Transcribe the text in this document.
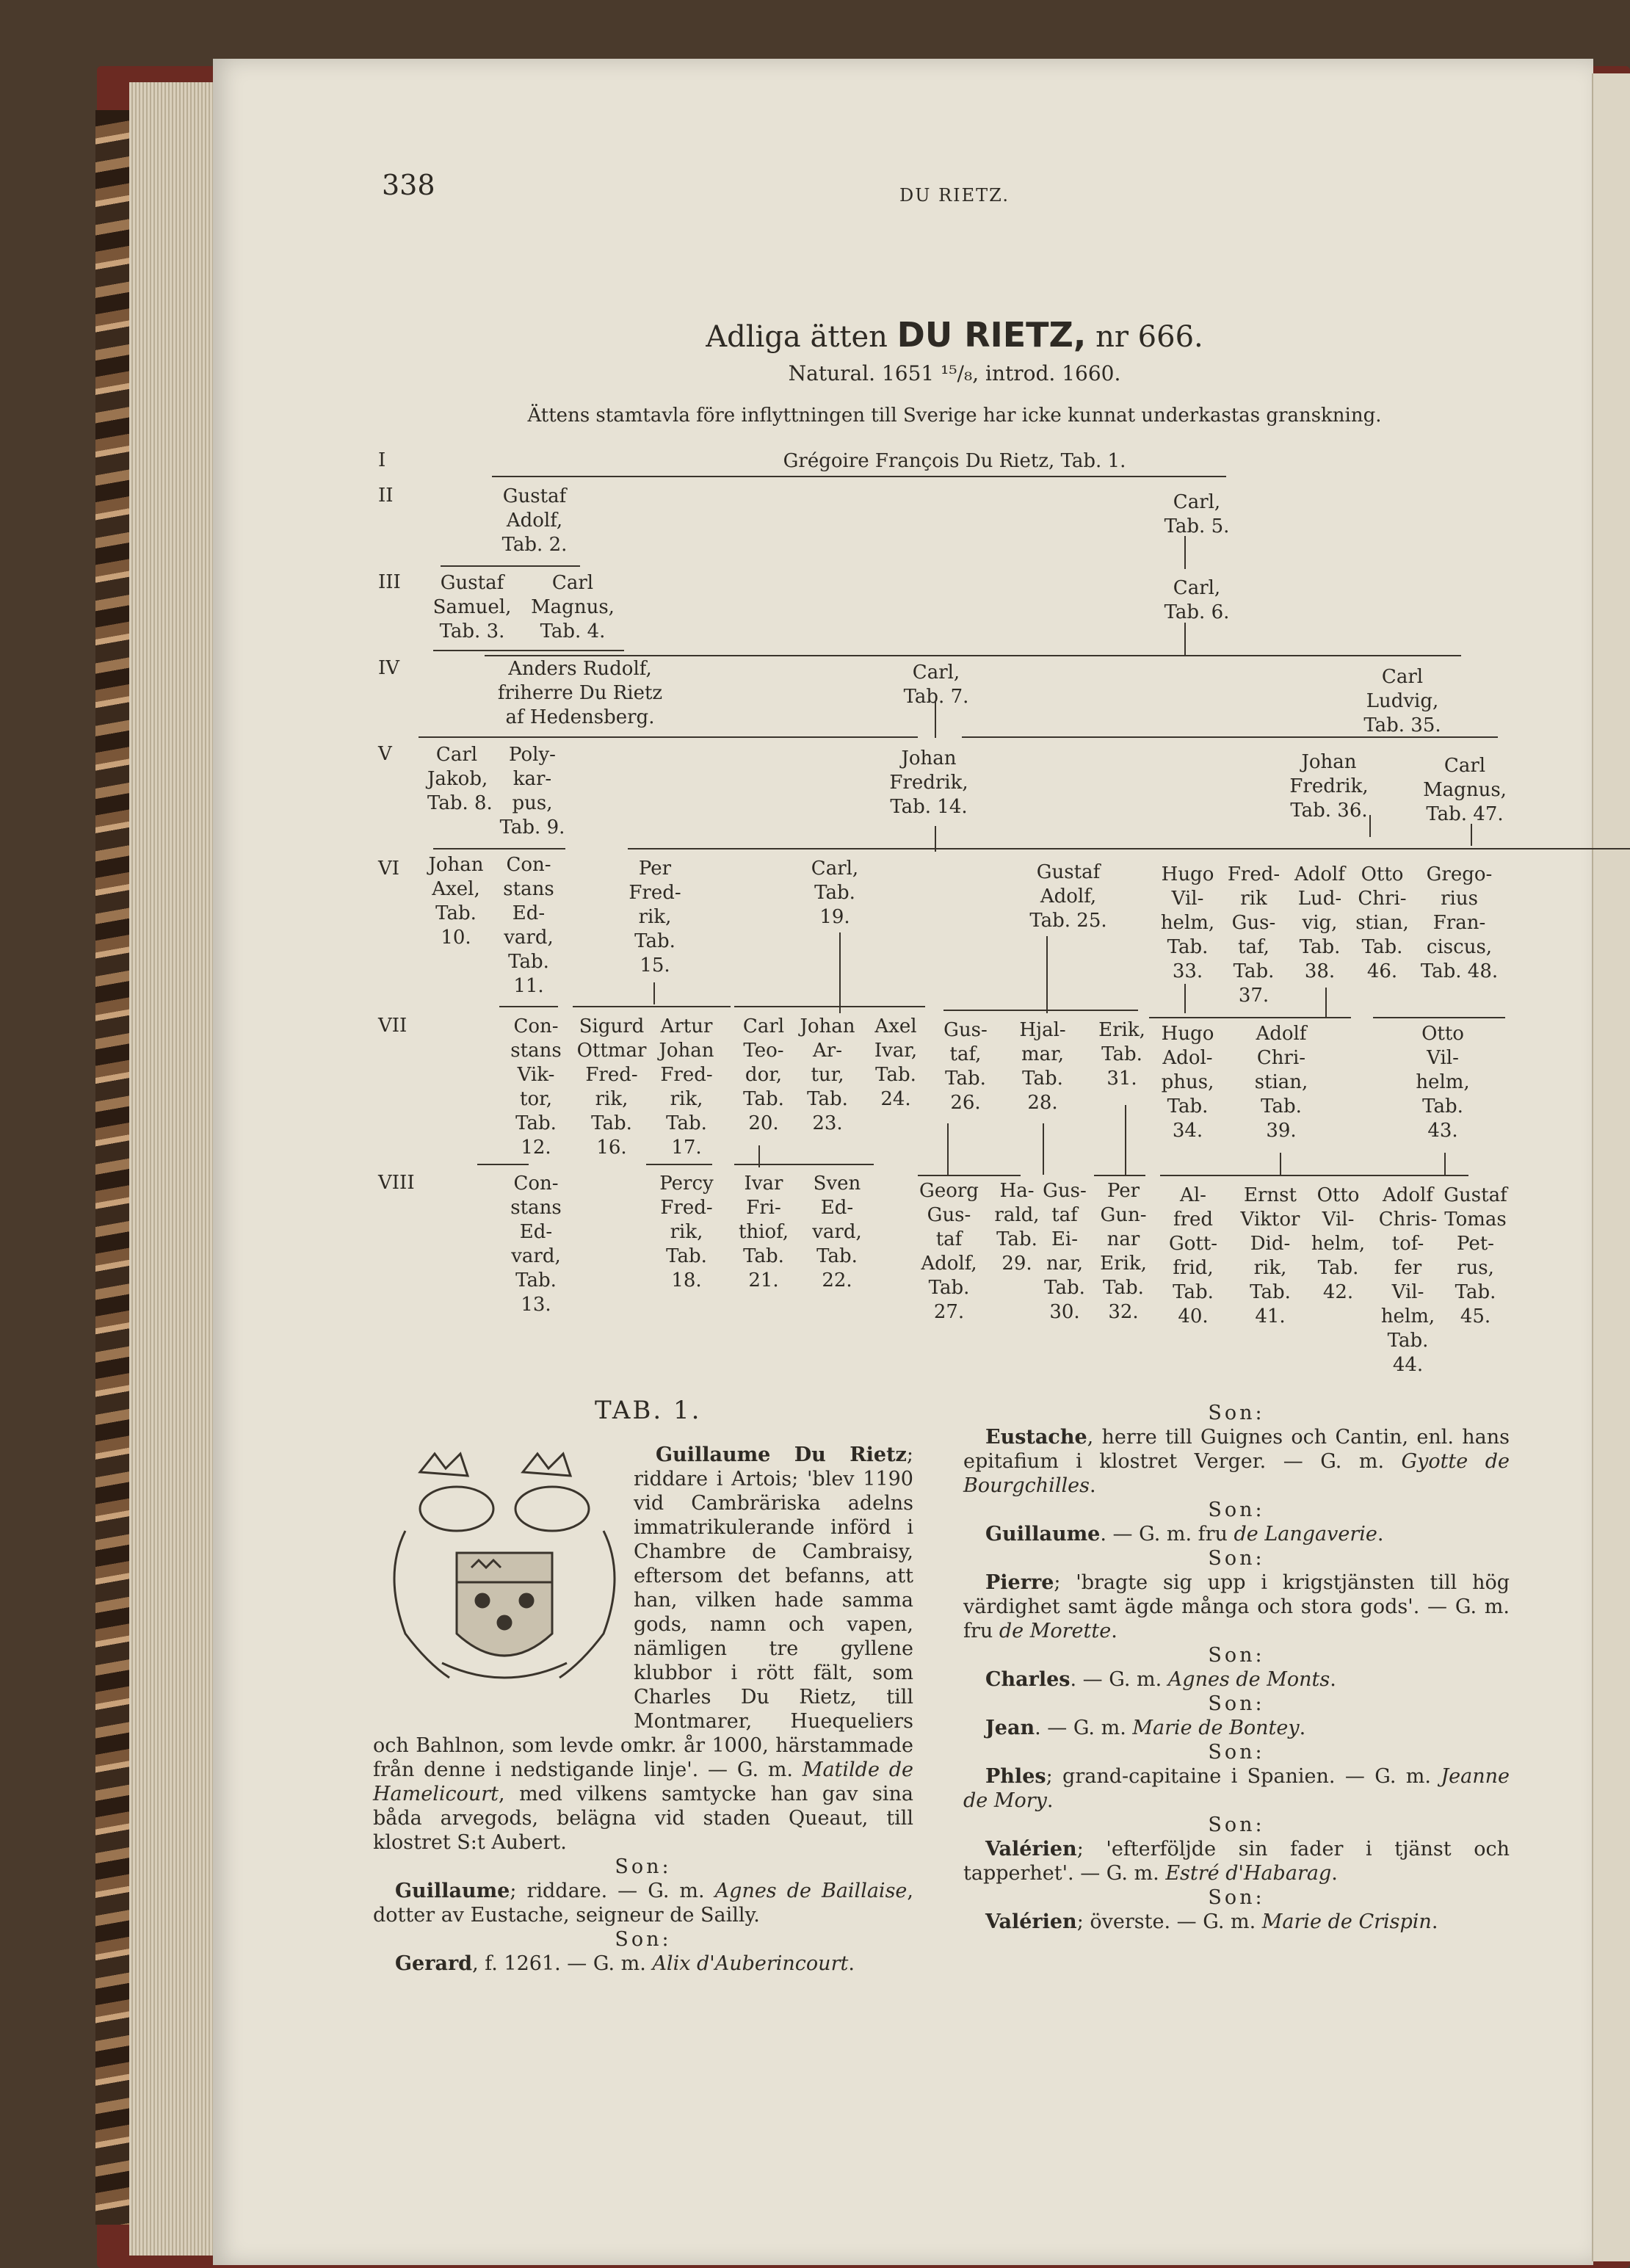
338	DU RIETZ.
Adliga ätten DU RIETZ, nr 666.
Natural. 1651 ¹⁵/₈, introd. 1660.
Ättens stamtavla före inflyttningen till Sverige har icke kunnat underkastas granskning.
I
II
III
IV
V
VI
VII
VIII
Grégoire François Du Rietz, Tab. 1.
Gustaf
Adolf,
Tab. 2.
Carl,
Tab. 5.
Gustaf
Samuel,
Tab. 3.
Carl
Magnus,
Tab. 4.
Carl,
Tab. 6.
Anders Rudolf,
friherre Du Rietz
af Hedensberg.
Carl,
Tab. 7.
Carl
Ludvig,
Tab. 35.
Carl
Jakob,
Tab. 8.
Poly-
kar-
pus,
Tab. 9.
Johan
Fredrik,
Tab. 14.
Johan
Fredrik,
Tab. 36.
Carl
Magnus,
Tab. 47.
Johan
Axel,
Tab.
10.
Con-
stans
Ed-
vard,
Tab.
11.
Per
Fred-
rik,
Tab.
15.
Carl,
Tab.
19.
Gustaf
Adolf,
Tab. 25.
Hugo
Vil-
helm,
Tab.
33.
Fred-
rik
Gus-
taf,
Tab.
37.
Adolf
Lud-
vig,
Tab.
38.
Otto
Chri-
stian,
Tab.
46.
Grego-
rius
Fran-
ciscus,
Tab. 48.
Con-
stans
Vik-
tor,
Tab.
12.
Sigurd
Ottmar
Fred-
rik,
Tab.
16.
Artur
Johan
Fred-
rik,
Tab.
17.
Carl
Teo-
dor,
Tab.
20.
Johan
Ar-
tur,
Tab.
23.
Axel
Ivar,
Tab.
24.
Gus-
taf,
Tab.
26.
Hjal-
mar,
Tab.
28.
Erik,
Tab.
31.
Hugo
Adol-
phus,
Tab.
34.
Adolf
Chri-
stian,
Tab.
39.
Otto
Vil-
helm,
Tab.
43.
Con-
stans
Ed-
vard,
Tab.
13.
Percy
Fred-
rik,
Tab.
18.
Ivar
Fri-
thiof,
Tab.
21.
Sven
Ed-
vard,
Tab.
22.
Georg
Gus-
taf
Adolf,
Tab.
27.
Ha-
rald,
Tab.
29.
Gus-
taf
Ei-
nar,
Tab.
30.
Per
Gun-
nar
Erik,
Tab.
32.
Al-
fred
Gott-
frid,
Tab.
40.
Ernst
Viktor
Did-
rik,
Tab.
41.
Otto
Vil-
helm,
Tab.
42.
Adolf
Chris-
tof-
fer
Vil-
helm,
Tab.
44.
Gustaf
Tomas
Pet-
rus,
Tab.
45.
TAB. 1.
Guillaume Du Rietz; riddare i Artois; 'blev 1190 vid Cambräriska adelns immatrikulerande införd i Chambre de Cambraisy, eftersom det befanns, att han, vilken hade samma gods, namn och vapen, nämligen tre gyllene klubbor i rött fält, som Charles Du Rietz, till Montmarer, Huequeliers och Bahlnon, som levde omkr. år 1000, härstammade från denne i nedstigande linje'. — G. m. Matilde de Hamelicourt, med vilkens samtycke han gav sina båda arvegods, belägna vid staden Queaut, till klostret S:t Aubert.
Son:
Guillaume; riddare. — G. m. Agnes de Baillaise, dotter av Eustache, seigneur de Sailly.
Son:
Gerard, f. 1261. — G. m. Alix d'Auberincourt.
Son:
Eustache, herre till Guignes och Cantin, enl. hans epitafium i klostret Verger. — G. m. Gyotte de Bourgchilles.
Son:
Guillaume. — G. m. fru de Langaverie.
Son:
Pierre; 'bragte sig upp i krigstjänsten till hög värdighet samt ägde många och stora gods'. — G. m. fru de Morette.
Son:
Charles. — G. m. Agnes de Monts.
Son:
Jean. — G. m. Marie de Bontey.
Son:
Phles; grand-capitaine i Spanien. — G. m. Jeanne de Mory.
Son:
Valérien; 'efterföljde sin fader i tjänst och tapperhet'. — G. m. Estré d'Habarag.
Son:
Valérien; överste. — G. m. Marie de Crispin.
